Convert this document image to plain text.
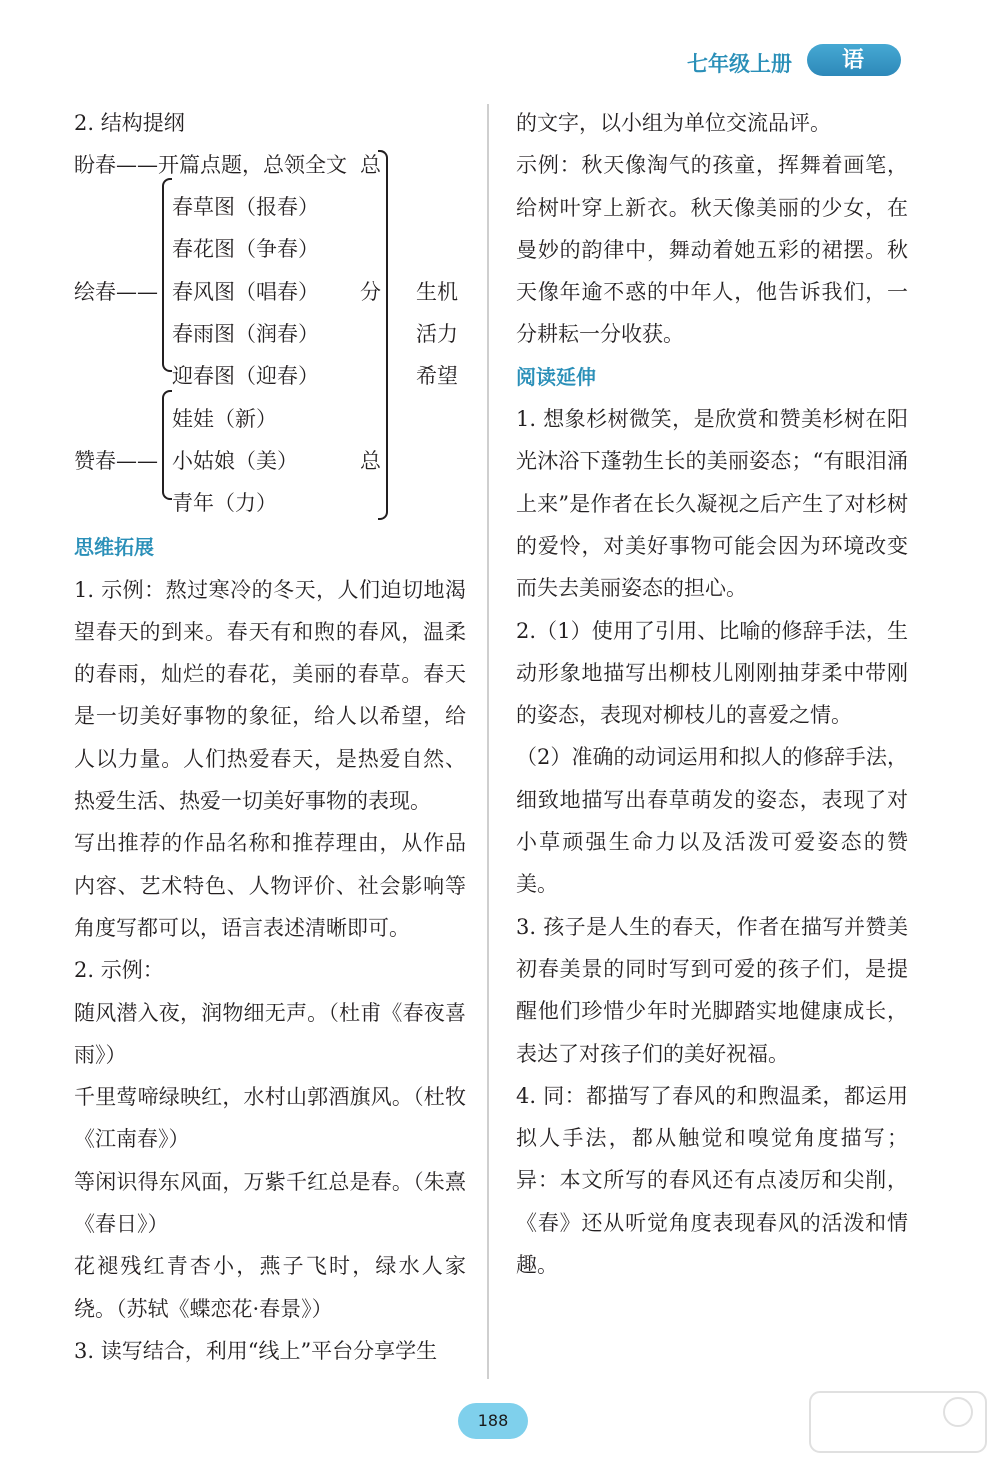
七年级上册	语 文

2. 结构提纲

盼春——开篇点题，总领全文 总
绘春——
春草图（报春）
春花图（争春）
春风图（唱春）
春雨图（润春）
迎春图（迎春）
分
赞春——
娃娃（新）
小姑娘（美）
青年（力）
总
生机
活力
希望

思维拓展

1. 示例：熬过寒冷的冬天，人们迫切地渴望春天的到来。春天有和煦的春风，温柔的春雨，灿烂的春花，美丽的春草。春天是一切美好事物的象征，给人以希望，给人以力量。人们热爱春天，是热爱自然、热爱生活、热爱一切美好事物的表现。

写出推荐的作品名称和推荐理由，从作品内容、艺术特色、人物评价、社会影响等角度写都可以，语言表述清晰即可。

2. 示例：

随风潜入夜，润物细无声。（杜甫《春夜喜雨》）

千里莺啼绿映红，水村山郭酒旗风。（杜牧《江南春》）

等闲识得东风面，万紫千红总是春。（朱熹《春日》）

花褪残红青杏小，燕子飞时，绿水人家绕。（苏轼《蝶恋花·春景》）

3. 读写结合，利用“线上”平台分享学生

的文字，以小组为单位交流品评。

示例：秋天像淘气的孩童，挥舞着画笔，给树叶穿上新衣。秋天像美丽的少女，在曼妙的韵律中，舞动着她五彩的裙摆。秋天像年逾不惑的中年人，他告诉我们，一分耕耘一分收获。

阅读延伸

1. 想象杉树微笑，是欣赏和赞美杉树在阳光沐浴下蓬勃生长的美丽姿态；“有眼泪涌上来”是作者在长久凝视之后产生了对杉树的爱怜，对美好事物可能会因为环境改变而失去美丽姿态的担心。

2.（1）使用了引用、比喻的修辞手法，生动形象地描写出柳枝儿刚刚抽芽柔中带刚的姿态，表现对柳枝儿的喜爱之情。

（2）准确的动词运用和拟人的修辞手法，细致地描写出春草萌发的姿态，表现了对小草顽强生命力以及活泼可爱姿态的赞美。

3. 孩子是人生的春天，作者在描写并赞美初春美景的同时写到可爱的孩子们，是提醒他们珍惜少年时光脚踏实地健康成长，表达了对孩子们的美好祝福。

4. 同：都描写了春风的和煦温柔，都运用拟人手法，都从触觉和嗅觉角度描写；异：本文所写的春风还有点凌厉和尖削，《春》还从听觉角度表现春风的活泼和情趣。

188
